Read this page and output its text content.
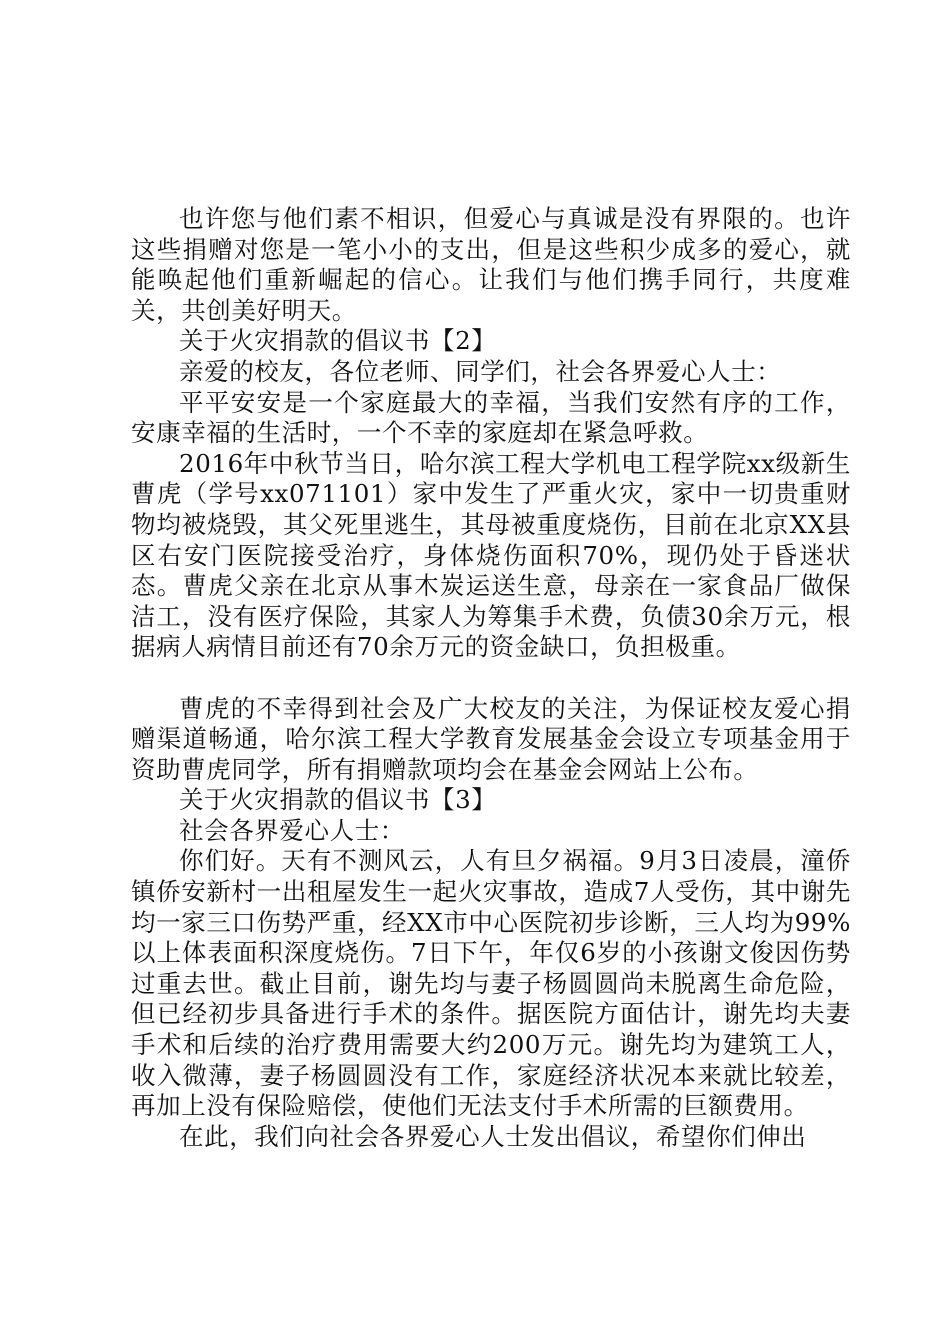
也许您与他们素不相识，但爱心与真诚是没有界限的。也许这些捐赠对您是一笔小小的支出，但是这些积少成多的爱心，就能唤起他们重新崛起的信心。让我们与他们携手同行，共度难关，共创美好明天。

关于火灾捐款的倡议书【2】

亲爱的校友，各位老师、同学们，社会各界爱心人士：

平平安安是一个家庭最大的幸福，当我们安然有序的工作，安康幸福的生活时，一个不幸的家庭却在紧急呼救。

2016年中秋节当日，哈尔滨工程大学机电工程学院xx级新生曹虎（学号xx071101）家中发生了严重火灾，家中一切贵重财物均被烧毁，其父死里逃生，其母被重度烧伤，目前在北京XX县区右安门医院接受治疗，身体烧伤面积70%，现仍处于昏迷状态。曹虎父亲在北京从事木炭运送生意，母亲在一家食品厂做保洁工，没有医疗保险，其家人为筹集手术费，负债30余万元，根据病人病情目前还有70余万元的资金缺口，负担极重。

曹虎的不幸得到社会及广大校友的关注，为保证校友爱心捐赠渠道畅通，哈尔滨工程大学教育发展基金会设立专项基金用于资助曹虎同学，所有捐赠款项均会在基金会网站上公布。

关于火灾捐款的倡议书【3】

社会各界爱心人士：

你们好。天有不测风云，人有旦夕祸福。9月3日凌晨，潼侨镇侨安新村一出租屋发生一起火灾事故，造成7人受伤，其中谢先均一家三口伤势严重，经XX市中心医院初步诊断，三人均为99%以上体表面积深度烧伤。7日下午，年仅6岁的小孩谢文俊因伤势过重去世。截止目前，谢先均与妻子杨圆圆尚未脱离生命危险，但已经初步具备进行手术的条件。据医院方面估计，谢先均夫妻手术和后续的治疗费用需要大约200万元。谢先均为建筑工人，收入微薄，妻子杨圆圆没有工作，家庭经济状况本来就比较差，再加上没有保险赔偿，使他们无法支付手术所需的巨额费用。

在此，我们向社会各界爱心人士发出倡议，希望你们伸出
